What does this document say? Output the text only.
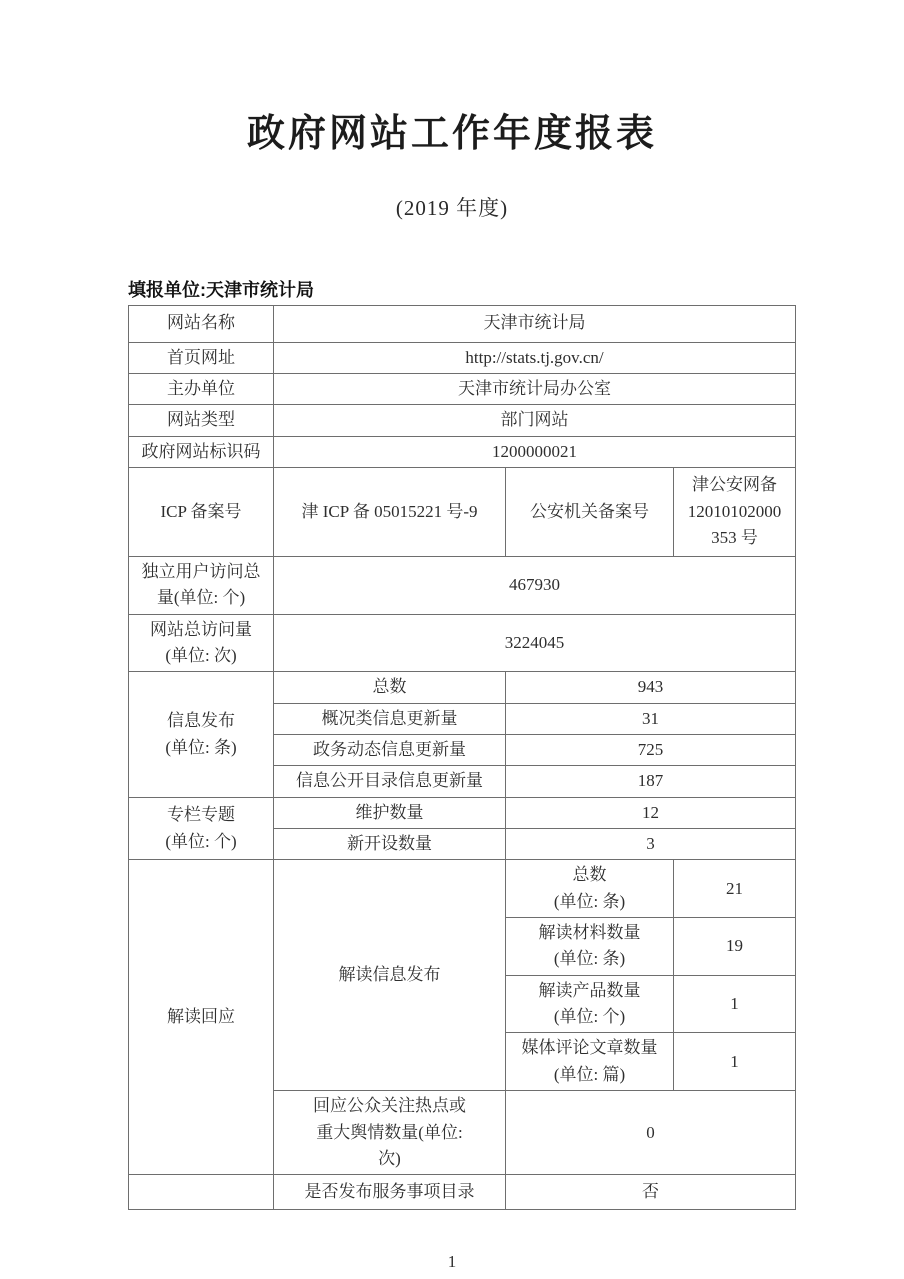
政府网站工作年度报表
(2019 年度)
填报单位:天津市统计局
网站名称	天津市统计局		
首页网址	http://stats.tj.gov.cn/		
主办单位	天津市统计局办公室		
网站类型	部门网站		
政府网站标识码	1200000021		
ICP 备案号	津 ICP 备 05015221 号-9	公安机关备案号	津公安网备
12010102000
353 号
独立用户访问总
量(单位: 个)	467930		
网站总访问量
(单位: 次)	3224045		
信息发布
(单位: 条)	总数	943	
	概况类信息更新量	31	
	政务动态信息更新量	725	
	信息公开目录信息更新量	187	
专栏专题
(单位: 个)	维护数量	12	
	新开设数量	3	
解读回应	解读信息发布	总数
(单位: 条)	21
		解读材料数量
(单位: 条)	19
		解读产品数量
(单位: 个)	1
		媒体评论文章数量
(单位: 篇)	1
	回应公众关注热点或
重大舆情数量(单位:
次)	0	
	是否发布服务事项目录	否	
1
